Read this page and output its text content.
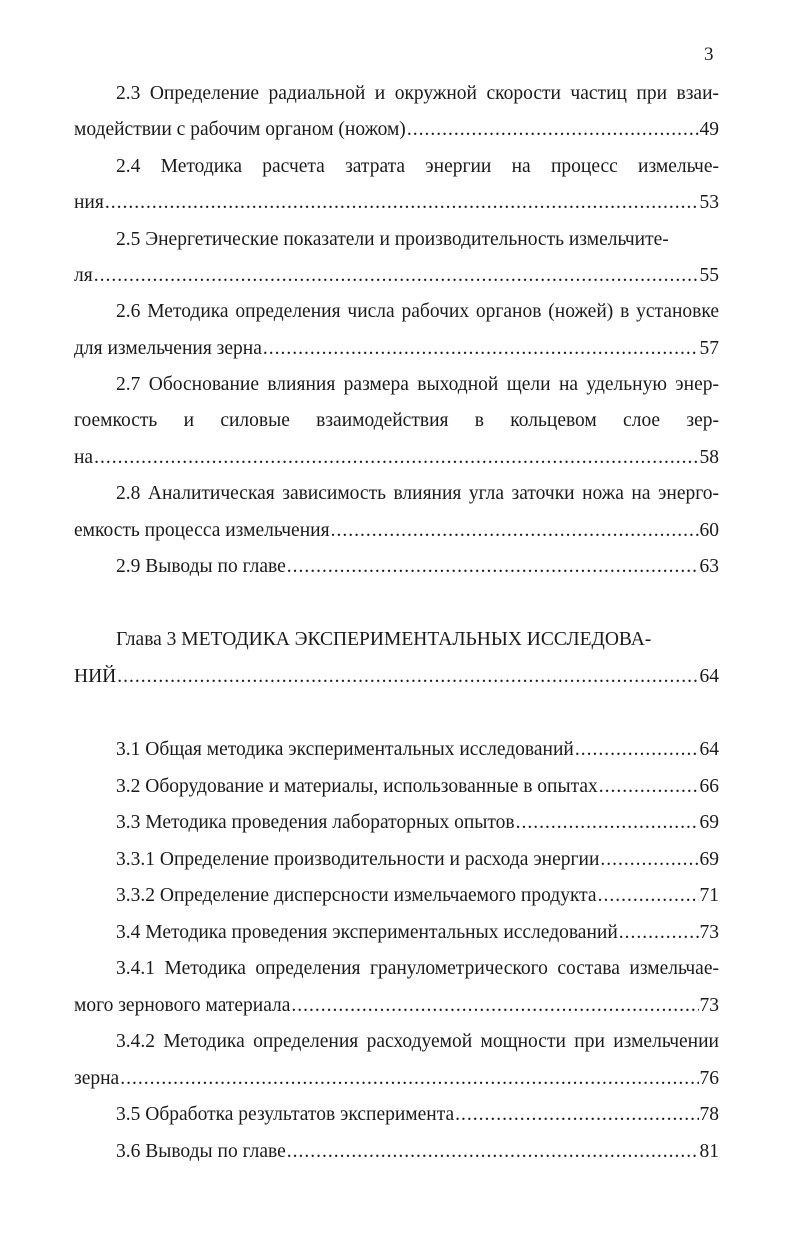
3
2.3 Определение радиальной и окружной скорости частиц при взаи-
модействии с рабочим органом (ножом) .....	49
2.4 Методика расчета затрата энергии на процесс измельче-
ния .....	53
2.5 Энергетические показатели и производительность измельчите-
ля .....	55
2.6 Методика определения числа рабочих органов (ножей) в установке
для измельчения зерна .....	57
2.7 Обоснование влияния размера выходной щели на удельную энер-
гоемкость и силовые взаимодействия в кольцевом слое зер-
на .....	58
2.8 Аналитическая зависимость влияния угла заточки ножа на энерго-
емкость процесса измельчения .....	60
2.9 Выводы по главе .....	63
Глава 3 МЕТОДИКА ЭКСПЕРИМЕНТАЛЬНЫХ ИССЛЕДОВА-
НИЙ .....	64
3.1 Общая методика экспериментальных исследований .....	64
3.2 Оборудование и материалы, использованные в опытах .....	66
3.3 Методика проведения лабораторных опытов .....	69
3.3.1 Определение производительности и расхода энергии .....	69
3.3.2 Определение дисперсности измельчаемого продукта .....	71
3.4 Методика проведения экспериментальных исследований .....	73
3.4.1 Методика определения гранулометрического состава измельчае-
мого зернового материала .....	73
3.4.2 Методика определения расходуемой мощности при измельчении
зерна .....	76
3.5 Обработка результатов эксперимента .....	78
3.6 Выводы по главе .....	81
